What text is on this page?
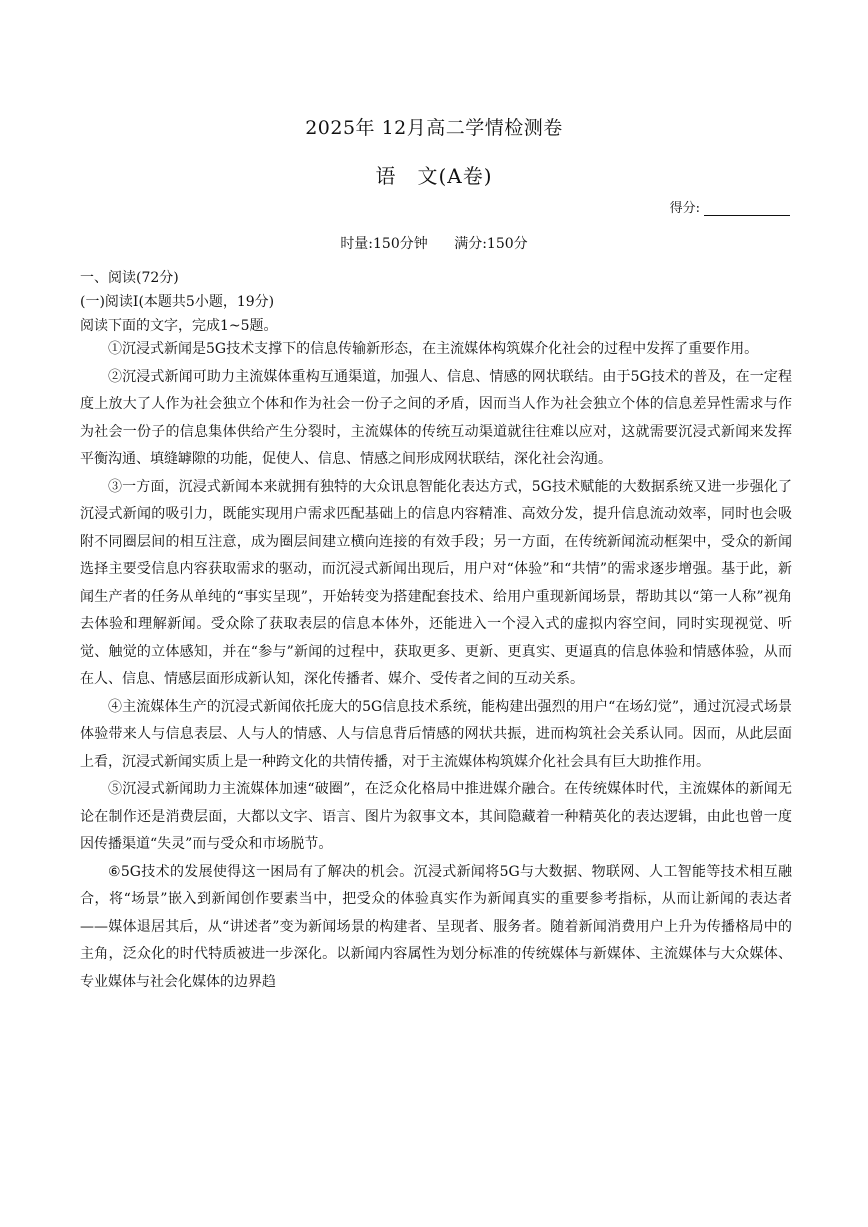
2025年 12月高二学情检测卷
语　文(A卷)
得分:
时量:150分钟 满分:150分
一、阅读(72分)
(一)阅读Ⅰ(本题共5小题，19分)
阅读下面的文字，完成1~5题。

①沉浸式新闻是5G技术支撑下的信息传输新形态，在主流媒体构筑媒介化社会的过程中发挥了重要作用。

②沉浸式新闻可助力主流媒体重构互通渠道，加强人、信息、情感的网状联结。由于5G技术的普及，在一定程度上放大了人作为社会独立个体和作为社会一份子之间的矛盾，因而当人作为社会独立个体的信息差异性需求与作为社会一份子的信息集体供给产生分裂时，主流媒体的传统互动渠道就往往难以应对，这就需要沉浸式新闻来发挥平衡沟通、填缝罅隙的功能，促使人、信息、情感之间形成网状联结，深化社会沟通。

③一方面，沉浸式新闻本来就拥有独特的大众讯息智能化表达方式，5G技术赋能的大数据系统又进一步强化了沉浸式新闻的吸引力，既能实现用户需求匹配基础上的信息内容精准、高效分发，提升信息流动效率，同时也会吸附不同圈层间的相互注意，成为圈层间建立横向连接的有效手段；另一方面，在传统新闻流动框架中，受众的新闻选择主要受信息内容获取需求的驱动，而沉浸式新闻出现后，用户对“体验”和“共情”的需求逐步增强。基于此，新闻生产者的任务从单纯的“事实呈现”，开始转变为搭建配套技术、给用户重现新闻场景，帮助其以“第一人称”视角去体验和理解新闻。受众除了获取表层的信息本体外，还能进入一个浸入式的虚拟内容空间，同时实现视觉、听觉、触觉的立体感知，并在“参与”新闻的过程中，获取更多、更新、更真实、更逼真的信息体验和情感体验，从而在人、信息、情感层面形成新认知，深化传播者、媒介、受传者之间的互动关系。

④主流媒体生产的沉浸式新闻依托庞大的5G信息技术系统，能构建出强烈的用户“在场幻觉”，通过沉浸式场景体验带来人与信息表层、人与人的情感、人与信息背后情感的网状共振，进而构筑社会关系认同。因而，从此层面上看，沉浸式新闻实质上是一种跨文化的共情传播，对于主流媒体构筑媒介化社会具有巨大助推作用。

⑤沉浸式新闻助力主流媒体加速“破圈”，在泛众化格局中推进媒介融合。在传统媒体时代，主流媒体的新闻无论在制作还是消费层面，大都以文字、语言、图片为叙事文本，其间隐藏着一种精英化的表达逻辑，由此也曾一度因传播渠道“失灵”而与受众和市场脱节。

⑥5G技术的发展使得这一困局有了解决的机会。沉浸式新闻将5G与大数据、物联网、人工智能等技术相互融合，将“场景”嵌入到新闻创作要素当中，把受众的体验真实作为新闻真实的重要参考指标，从而让新闻的表达者——媒体退居其后，从“讲述者”变为新闻场景的构建者、呈现者、服务者。随着新闻消费用户上升为传播格局中的主角，泛众化的时代特质被进一步深化。以新闻内容属性为划分标准的传统媒体与新媒体、主流媒体与大众媒体、专业媒体与社会化媒体的边界趋
